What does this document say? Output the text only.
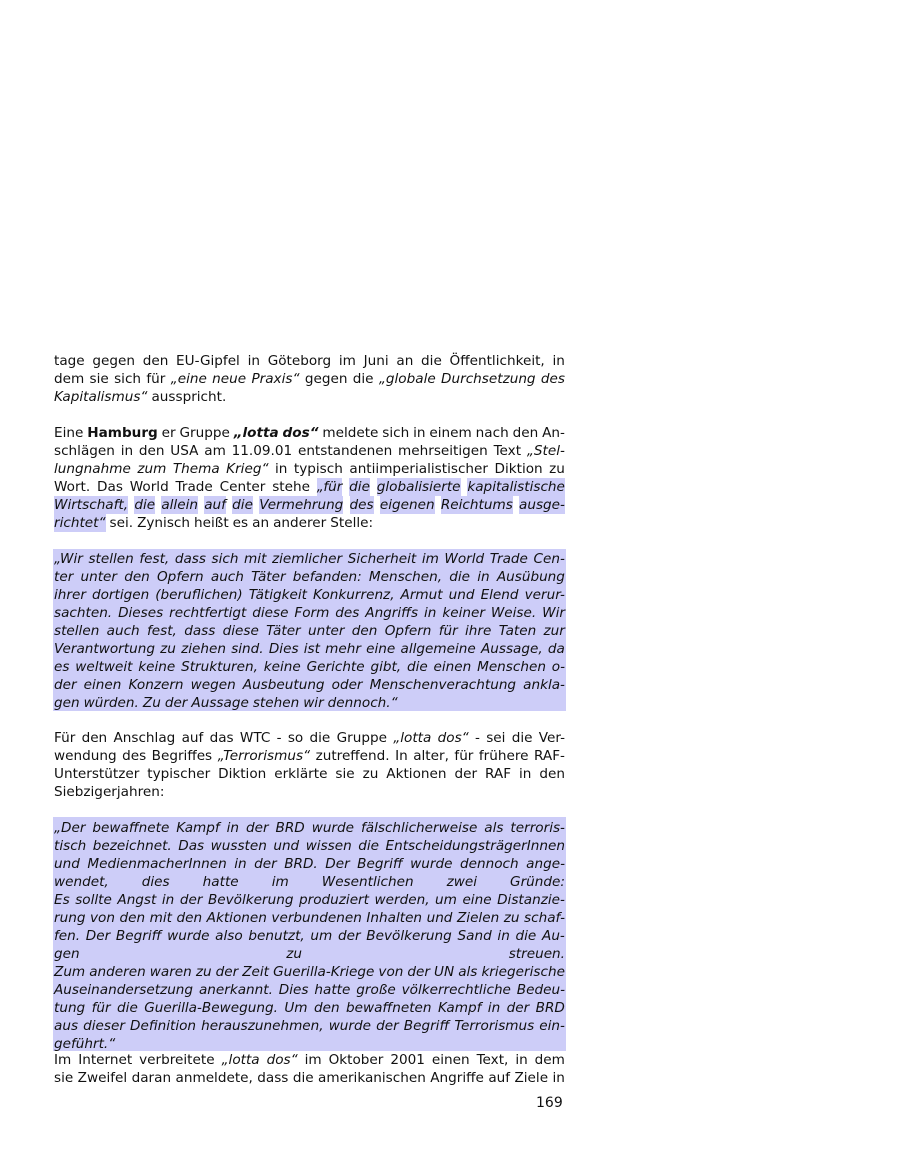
tage gegen den EU-Gipfel in Göteborg im Juni an die Öffentlichkeit, in
dem sie sich für „eine neue Praxis“ gegen die „globale Durchsetzung des
Kapitalismus“ ausspricht.
Eine Hamburg er Gruppe „lotta dos“ meldete sich in einem nach den An-
schlägen in den USA am 11.09.01 entstandenen mehrseitigen Text „Stel-
lungnahme zum Thema Krieg“ in typisch antiimperialistischer Diktion zu
Wort. Das World Trade Center stehe „für die globalisierte kapitalistische
Wirtschaft, die allein auf die Vermehrung des eigenen Reichtums ausge-
richtet“ sei. Zynisch heißt es an anderer Stelle:
„Wir stellen fest, dass sich mit ziemlicher Sicherheit im World Trade Cen-
ter unter den Opfern auch Täter befanden: Menschen, die in Ausübung
ihrer dortigen (beruflichen) Tätigkeit Konkurrenz, Armut und Elend verur-
sachten. Dieses rechtfertigt diese Form des Angriffs in keiner Weise. Wir
stellen auch fest, dass diese Täter unter den Opfern für ihre Taten zur
Verantwortung zu ziehen sind. Dies ist mehr eine allgemeine Aussage, da
es weltweit keine Strukturen, keine Gerichte gibt, die einen Menschen o-
der einen Konzern wegen Ausbeutung oder Menschenverachtung ankla-
gen würden. Zu der Aussage stehen wir dennoch.“
Für den Anschlag auf das WTC - so die Gruppe „lotta dos“ - sei die Ver-
wendung des Begriffes „Terrorismus“ zutreffend. In alter, für frühere RAF-
Unterstützer typischer Diktion erklärte sie zu Aktionen der RAF in den
Siebzigerjahren:
„Der bewaffnete Kampf in der BRD wurde fälschlicherweise als terroris-
tisch bezeichnet. Das wussten und wissen die EntscheidungsträgerInnen
und MedienmacherInnen in der BRD. Der Begriff wurde dennoch ange-
wendet, dies hatte im Wesentlichen zwei Gründe:
Es sollte Angst in der Bevölkerung produziert werden, um eine Distanzie-
rung von den mit den Aktionen verbundenen Inhalten und Zielen zu schaf-
fen. Der Begriff wurde also benutzt, um der Bevölkerung Sand in die Au-
gen	zu	streuen.
Zum anderen waren zu der Zeit Guerilla-Kriege von der UN als kriegerische
Auseinandersetzung anerkannt. Dies hatte große völkerrechtliche Bedeu-
tung für die Guerilla-Bewegung. Um den bewaffneten Kampf in der BRD
aus dieser Definition herauszunehmen, wurde der Begriff Terrorismus ein-
geführt.“
Im Internet verbreitete „lotta dos“ im Oktober 2001 einen Text, in dem
sie Zweifel daran anmeldete, dass die amerikanischen Angriffe auf Ziele in
169
